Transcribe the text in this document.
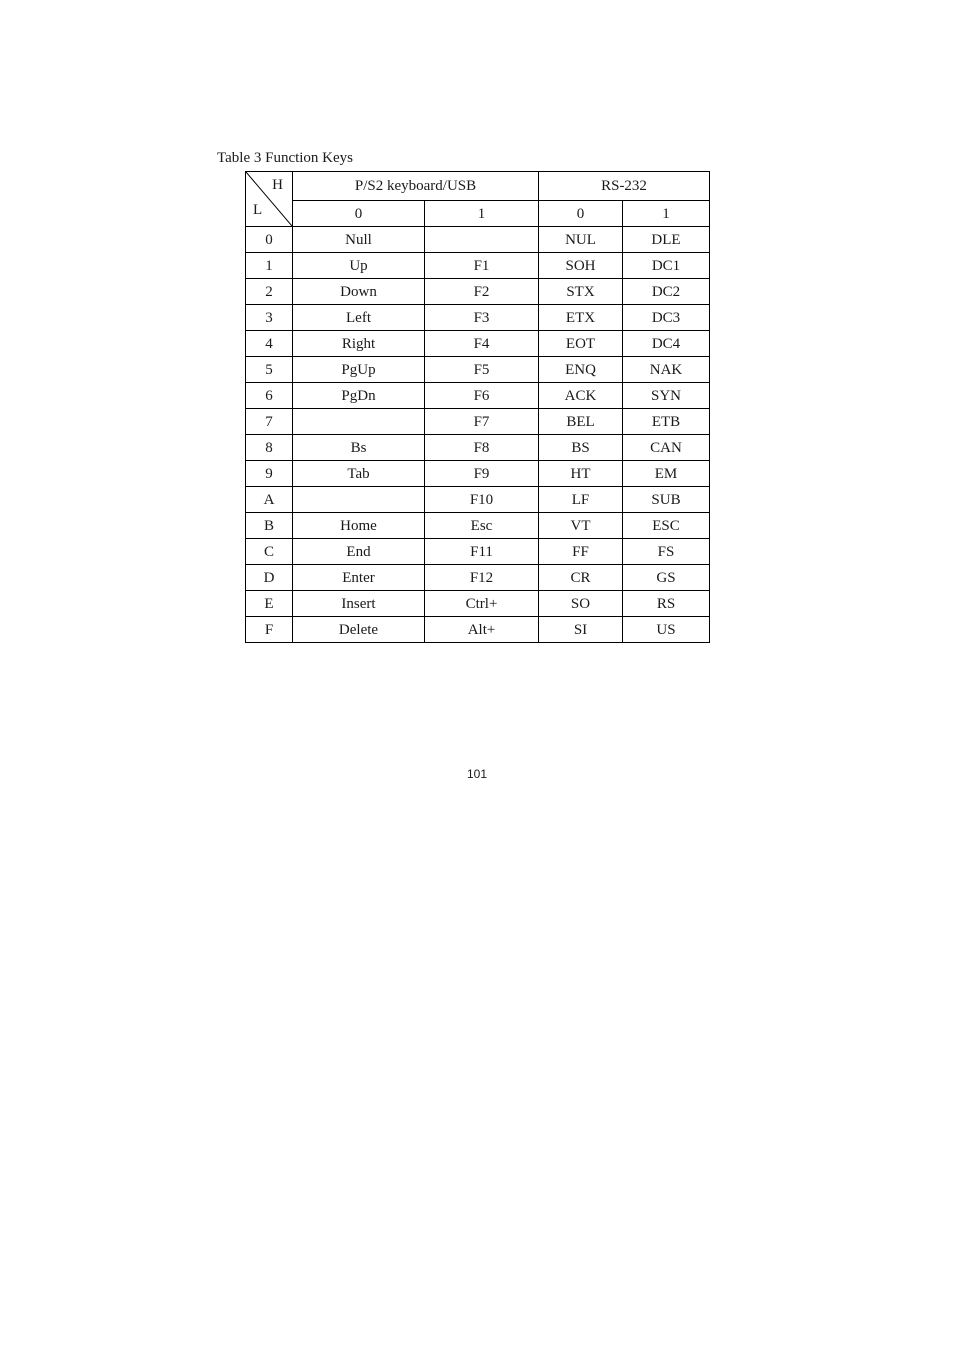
Table 3 Function Keys
H
L	P/S2 keyboard/USB		RS-232	
	0	1	0	1
0	Null		NUL	DLE
1	Up	F1	SOH	DC1
2	Down	F2	STX	DC2
3	Left	F3	ETX	DC3
4	Right	F4	EOT	DC4
5	PgUp	F5	ENQ	NAK
6	PgDn	F6	ACK	SYN
7		F7	BEL	ETB
8	Bs	F8	BS	CAN
9	Tab	F9	HT	EM
A		F10	LF	SUB
B	Home	Esc	VT	ESC
C	End	F11	FF	FS
D	Enter	F12	CR	GS
E	Insert	Ctrl+	SO	RS
F	Delete	Alt+	SI	US
101
